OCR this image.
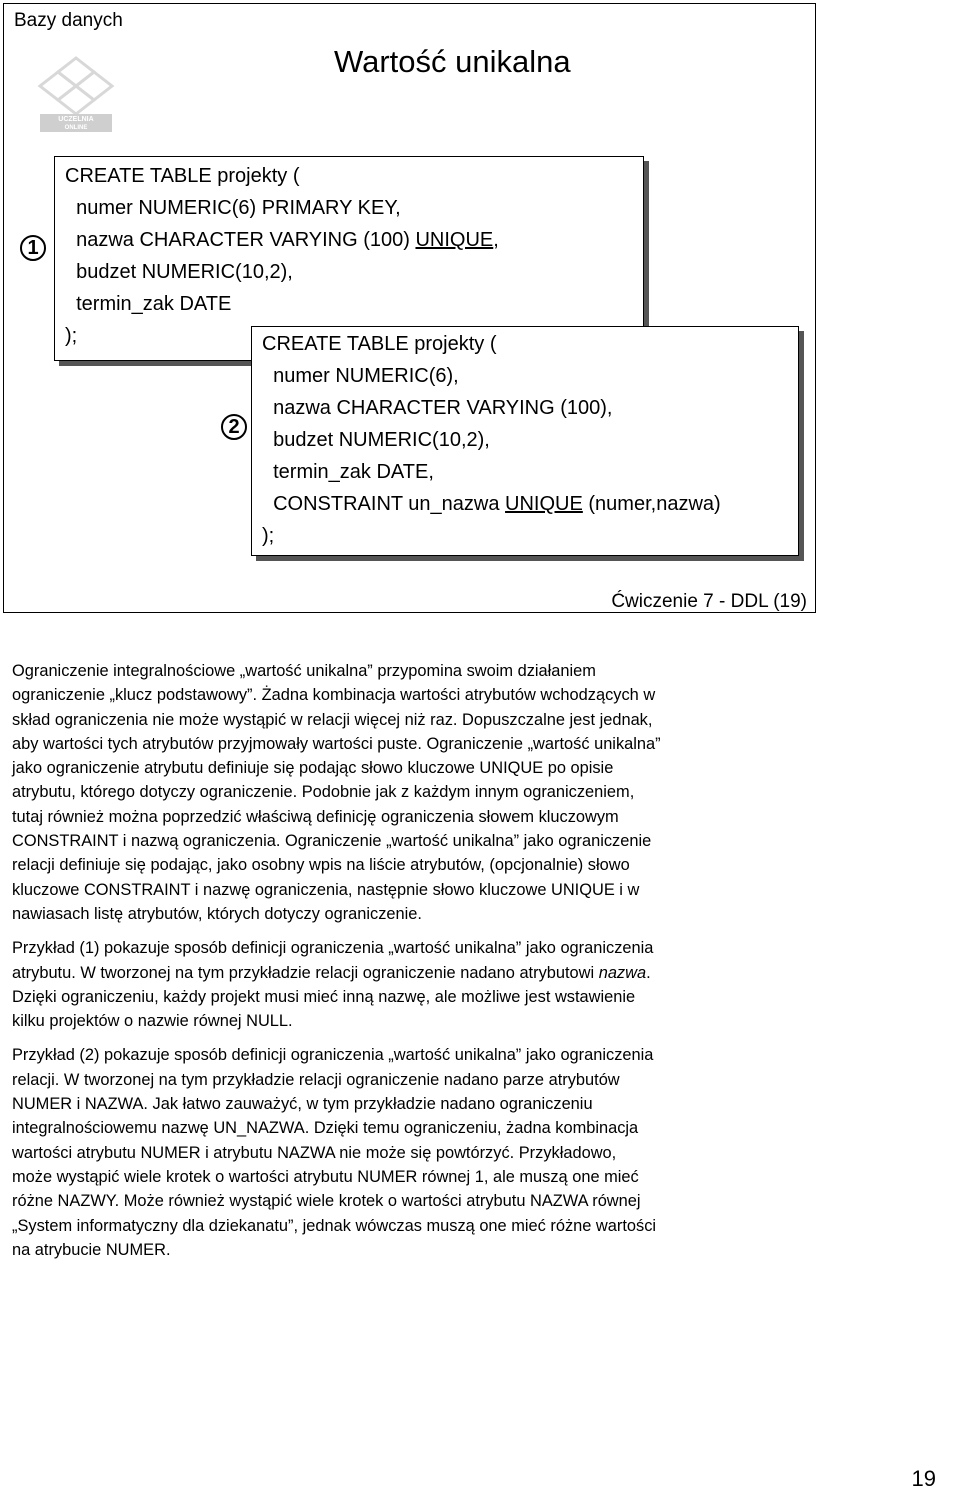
Bazy danych
Wartość unikalna
UCZELNIA
ONLINE
1
2
CREATE TABLE projekty (
numer NUMERIC(6) PRIMARY KEY,
nazwa CHARACTER VARYING (100) UNIQUE,
budzet NUMERIC(10,2),
termin_zak DATE
);	CREATE TABLE projekty (
numer NUMERIC(6),
nazwa CHARACTER VARYING (100),
budzet NUMERIC(10,2),
termin_zak DATE,
CONSTRAINT un_nazwa UNIQUE (numer,nazwa)
);
Ćwiczenie 7 - DDL (19)

Ograniczenie integralnościowe „wartość unikalna” przypomina swoim działaniem

ograniczenie „klucz podstawowy”. Żadna kombinacja wartości atrybutów wchodzących w

skład ograniczenia nie może wystąpić w relacji więcej niż raz. Dopuszczalne jest jednak,

aby wartości tych atrybutów przyjmowały wartości puste. Ograniczenie „wartość unikalna”

jako ograniczenie atrybutu definiuje się podając słowo kluczowe UNIQUE po opisie

atrybutu, którego dotyczy ograniczenie. Podobnie jak z każdym innym ograniczeniem,

tutaj również można poprzedzić właściwą definicję ograniczenia słowem kluczowym

CONSTRAINT i nazwą ograniczenia. Ograniczenie „wartość unikalna” jako ograniczenie

relacji definiuje się podając, jako osobny wpis na liście atrybutów, (opcjonalnie) słowo

kluczowe CONSTRAINT i nazwę ograniczenia, następnie słowo kluczowe UNIQUE i w

nawiasach listę atrybutów, których dotyczy ograniczenie.

Przykład (1) pokazuje sposób definicji ograniczenia „wartość unikalna” jako ograniczenia

atrybutu. W tworzonej na tym przykładzie relacji ograniczenie nadano atrybutowi nazwa.

Dzięki ograniczeniu, każdy projekt musi mieć inną nazwę, ale możliwe jest wstawienie

kilku projektów o nazwie równej NULL.

Przykład (2) pokazuje sposób definicji ograniczenia „wartość unikalna” jako ograniczenia

relacji. W tworzonej na tym przykładzie relacji ograniczenie nadano parze atrybutów

NUMER i NAZWA. Jak łatwo zauważyć, w tym przykładzie nadano ograniczeniu

integralnościowemu nazwę UN_NAZWA. Dzięki temu ograniczeniu, żadna kombinacja

wartości atrybutu NUMER i atrybutu NAZWA nie może się powtórzyć. Przykładowo,

może wystąpić wiele krotek o wartości atrybutu NUMER równej 1, ale muszą one mieć

różne NAZWY. Może również wystąpić wiele krotek o wartości atrybutu NAZWA równej

„System informatyczny dla dziekanatu”, jednak wówczas muszą one mieć różne wartości

na atrybucie NUMER.

19
